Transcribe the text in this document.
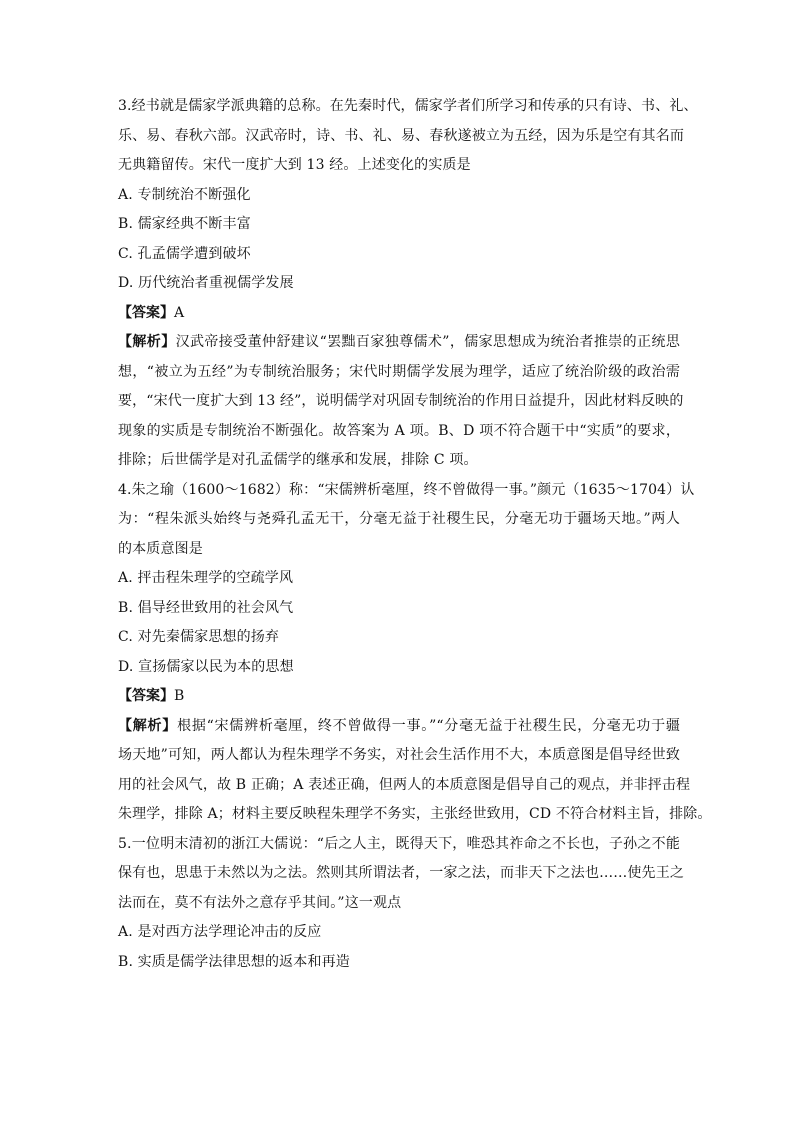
3.经书就是儒家学派典籍的总称。在先秦时代，儒家学者们所学习和传承的只有诗、书、礼、
乐、易、春秋六部。汉武帝时，诗、书、礼、易、春秋遂被立为五经，因为乐是空有其名而
无典籍留传。宋代一度扩大到 13 经。上述变化的实质是
A. 专制统治不断强化
B. 儒家经典不断丰富
C. 孔孟儒学遭到破坏
D. 历代统治者重视儒学发展
【答案】A
【解析】汉武帝接受董仲舒建议“罢黜百家独尊儒术”，儒家思想成为统治者推崇的正统思
想，“被立为五经”为专制统治服务；宋代时期儒学发展为理学，适应了统治阶级的政治需
要，“宋代一度扩大到 13 经”，说明儒学对巩固专制统治的作用日益提升，因此材料反映的
现象的实质是专制统治不断强化。故答案为 A 项。B、D 项不符合题干中“实质”的要求，
排除；后世儒学是对孔孟儒学的继承和发展，排除 C 项。
4.朱之瑜（1600～1682）称：“宋儒辨析毫厘，终不曾做得一事。”颜元（1635～1704）认
为：“程朱派头始终与尧舜孔孟无干，分毫无益于社稷生民，分毫无功于疆场天地。”两人
的本质意图是
A. 抨击程朱理学的空疏学风
B. 倡导经世致用的社会风气
C. 对先秦儒家思想的扬弃
D. 宣扬儒家以民为本的思想
【答案】B
【解析】根据“宋儒辨析毫厘，终不曾做得一事。”“分毫无益于社稷生民，分毫无功于疆
场天地”可知，两人都认为程朱理学不务实，对社会生活作用不大，本质意图是倡导经世致
用的社会风气，故 B 正确；A 表述正确，但两人的本质意图是倡导自己的观点，并非抨击程
朱理学，排除 A；材料主要反映程朱理学不务实，主张经世致用，CD 不符合材料主旨，排除。
5.一位明末清初的浙江大儒说：“后之人主，既得天下，唯恐其祚命之不长也，子孙之不能
保有也，思患于未然以为之法。然则其所谓法者，一家之法，而非天下之法也……使先王之
法而在，莫不有法外之意存乎其间。”这一观点
A. 是对西方法学理论冲击的反应
B. 实质是儒学法律思想的返本和再造
